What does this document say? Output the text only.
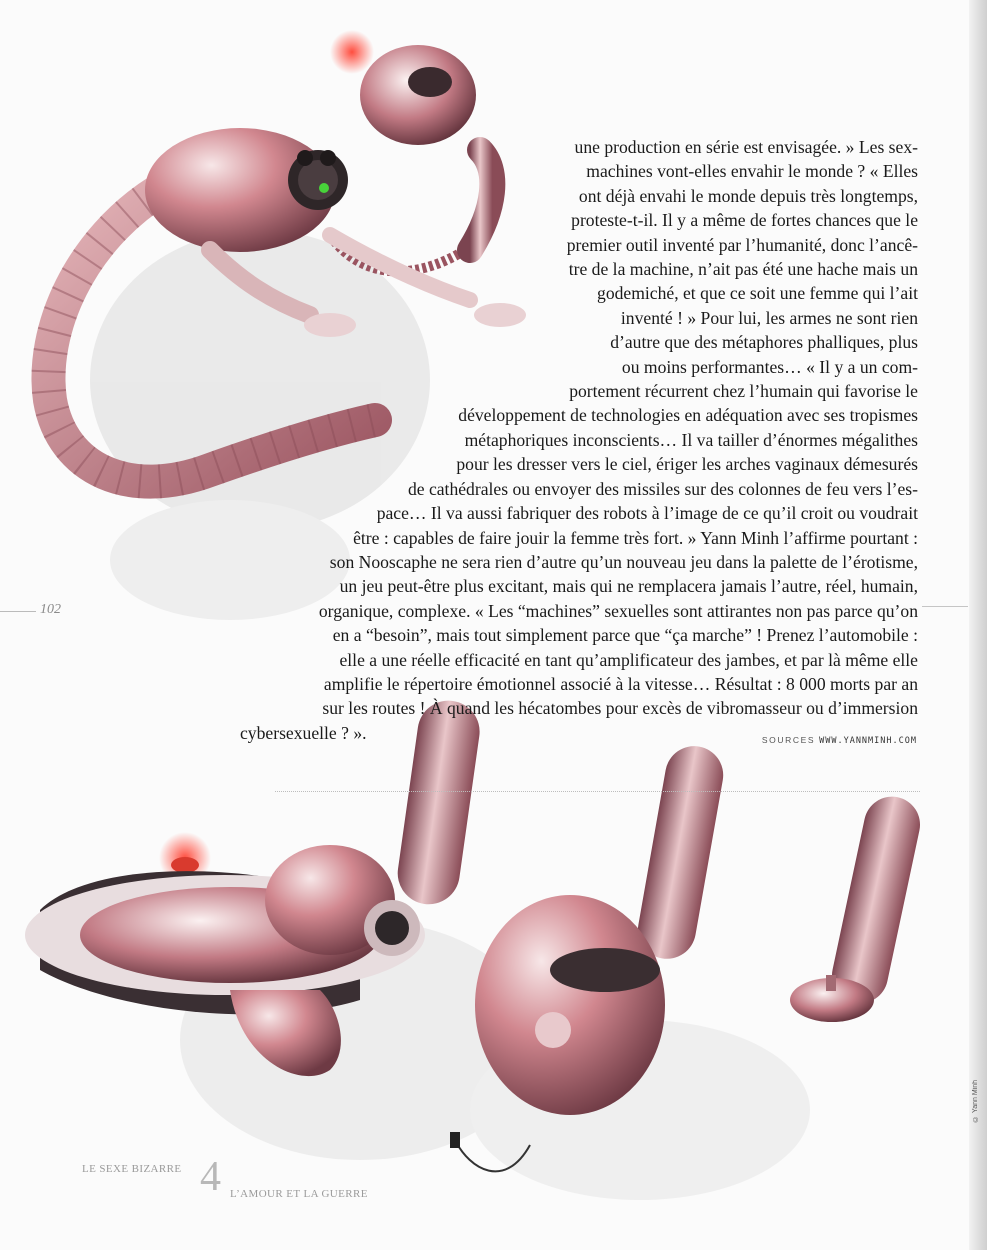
© Yann Minh
une production en série est envisagée. » Les sex-
machines vont-elles envahir le monde ? « Elles
ont déjà envahi le monde depuis très longtemps,
proteste-t-il. Il y a même de fortes chances que le
premier outil inventé par l’humanité, donc l’ancê-
tre de la machine, n’ait pas été une hache mais un
godemiché, et que ce soit une femme qui l’ait
inventé ! » Pour lui, les armes ne sont rien
d’autre que des métaphores phalliques, plus
ou moins performantes… « Il y a un com-
portement récurrent chez l’humain qui favorise le
développement de technologies en adéquation avec ses tropismes
métaphoriques inconscients… Il va tailler d’énormes mégalithes
pour les dresser vers le ciel, ériger les arches vaginaux démesurés
de cathédrales ou envoyer des missiles sur des colonnes de feu vers l’es-
pace… Il va aussi fabriquer des robots à l’image de ce qu’il croit ou voudrait
être : capables de faire jouir la femme très fort. » Yann Minh l’affirme pourtant :
son Nooscaphe ne sera rien d’autre qu’un nouveau jeu dans la palette de l’érotisme,
un jeu peut-être plus excitant, mais qui ne remplacera jamais l’autre, réel, humain,
organique, complexe. « Les “machines” sexuelles sont attirantes non pas parce qu’on
en a “besoin”, mais tout simplement parce que “ça marche” ! Prenez l’automobile :
elle a une réelle efficacité en tant qu’amplificateur des jambes, et par là même elle
amplifie le répertoire émotionnel associé à la vitesse… Résultat : 8 000 morts par an
sur les routes ! À quand les hécatombes pour excès de vibromasseur ou d’immersion
cybersexuelle ? ».
102
SOURCES WWW.YANNMINH.COM
LE SEXE BIZARRE 4 L’AMOUR ET LA GUERRE
